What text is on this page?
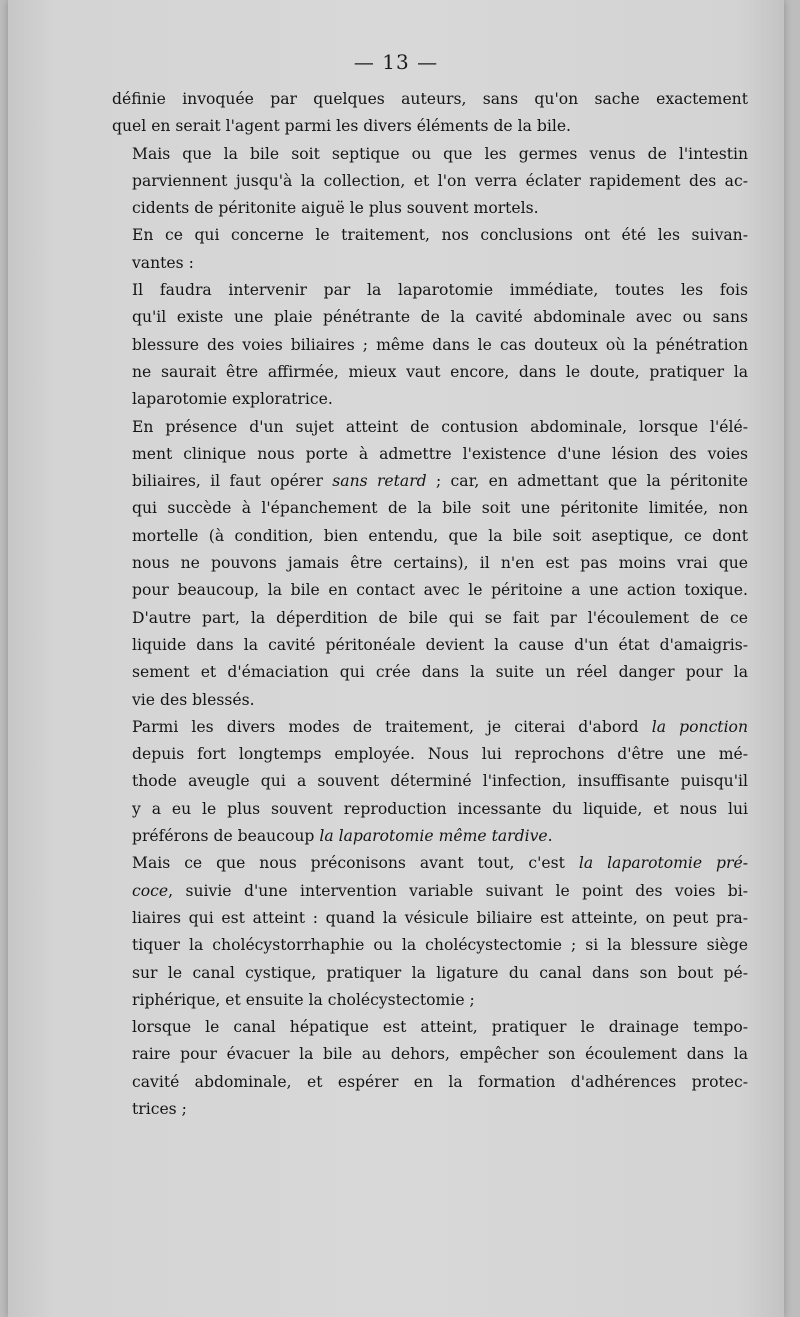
— 13 —

définie invoquée par quelques auteurs, sans qu'on sache exactement
quel en serait l'agent parmi les divers éléments de la bile.

Mais que la bile soit septique ou que les germes venus de l'intestin
parviennent jusqu'à la collection, et l'on verra éclater rapidement des ac-
cidents de péritonite aiguë le plus souvent mortels.

En ce qui concerne le traitement, nos conclusions ont été les suivan-
vantes :

Il faudra intervenir par la laparotomie immédiate, toutes les fois
qu'il existe une plaie pénétrante de la cavité abdominale avec ou sans
blessure des voies biliaires ; même dans le cas douteux où la pénétration
ne saurait être affirmée, mieux vaut encore, dans le doute, pratiquer la
laparotomie exploratrice.

En présence d'un sujet atteint de contusion abdominale, lorsque l'élé-
ment clinique nous porte à admettre l'existence d'une lésion des voies
biliaires, il faut opérer sans retard ; car, en admettant que la péritonite
qui succède à l'épanchement de la bile soit une péritonite limitée, non
mortelle (à condition, bien entendu, que la bile soit aseptique, ce dont
nous ne pouvons jamais être certains), il n'en est pas moins vrai que
pour beaucoup, la bile en contact avec le péritoine a une action toxique.
D'autre part, la déperdition de bile qui se fait par l'écoulement de ce
liquide dans la cavité péritonéale devient la cause d'un état d'amaigris-
sement et d'émaciation qui crée dans la suite un réel danger pour la
vie des blessés.

Parmi les divers modes de traitement, je citerai d'abord la ponction
depuis fort longtemps employée. Nous lui reprochons d'être une mé-
thode aveugle qui a souvent déterminé l'infection, insuffisante puisqu'il
y a eu le plus souvent reproduction incessante du liquide, et nous lui
préférons de beaucoup la laparotomie même tardive.

Mais ce que nous préconisons avant tout, c'est la laparotomie pré-
coce, suivie d'une intervention variable suivant le point des voies bi-
liaires qui est atteint : quand la vésicule biliaire est atteinte, on peut pra-
tiquer la cholécystorrhaphie ou la cholécystectomie ; si la blessure siège
sur le canal cystique, pratiquer la ligature du canal dans son bout pé-
riphérique, et ensuite la cholécystectomie ;

lorsque le canal hépatique est atteint, pratiquer le drainage tempo-
raire pour évacuer la bile au dehors, empêcher son écoulement dans la
cavité abdominale, et espérer en la formation d'adhérences protec-
trices ;
